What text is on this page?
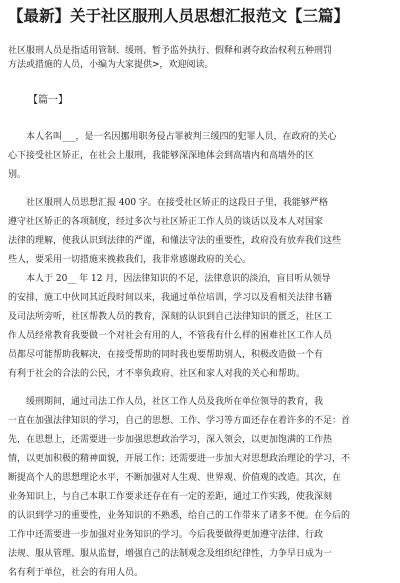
【最新】关于社区服刑人员思想汇报范文【三篇】
社区服刑人员是指适用管制、缓刑、暂予监外执行、假释和剥夺政治权利五种刑罚
方法或措施的人员，小编为大家提供>，欢迎阅读。
【篇一】
　　本人名叫___，是一名因挪用职务侵占罪被判三缓四的犯罪人员，在政府的关心
心下接受社区矫正，在社会上服刑，我能够深深地体会到高墙内和高墙外的区
别。
　　社区服刑人员思想汇报 400 字。在接受社区矫正的这段日子里，我能够严格
遵守社区矫正的各项制度，经过多次与社区矫正工作人员的谈话以及本人对国家
法律的理解，使我认识到法律的严谨，和懂法守法的重要性，政府没有放弃我们这些
些人，要采用一切措施来挽救我们，我非常感谢政府的关心。
　　本人于 20__ 年 12 月，因法律知识的不足，法律意识的淡泊，盲目听从领导
的安排，施工中伙同其近段时间以来，我通过单位培训，学习以及看相关法律书籍
及司法所旁听，社区帮教人员的教育，深刻的认识到自己法律知识的匮乏，社区工
作人员经常教育我要做一个对社会有用的人，不管我有什么样的困难社区工作人员
员都尽可能帮助我解决，在接受帮助的同时我也要帮助别人，积极改造做一个有
有利于社会的合法的公民，才不辜负政府、社区和家人对我的关心和帮助。
　　缓刑期间，通过司法工作人员，社区工作人员及我所在单位领导的教育，我
一直在加强法律知识的学习，自己的思想、工作、学习等方面还存在着许多的不足：首
先，在思想上，还需要进一步加强思想政治学习，深入领会，以更加饱满的工作热
情，以更加积极的精神面貌，开展工作；还需要进一步加大对思想政治理论的学习，不
断提高个人的思想理论水平，不断加强对人生观、世界观、价值观的改造。其次，在
业务知识上，与自己本职工作要求还存在有一定的差距，通过工作实践，使我深刻
的认识到学习的重要性，业务知识的不熟悉，给自己的工作带来了诸多不便。在今后的
工作中还需要进一步加强对业务知识的学习。今后我要做得更加遵守法律、行政
法规、服从管理、服从监督，增强自己的法制观念及组织纪律性，力争早日成为一
名有利于单位，社会的有用人员。
